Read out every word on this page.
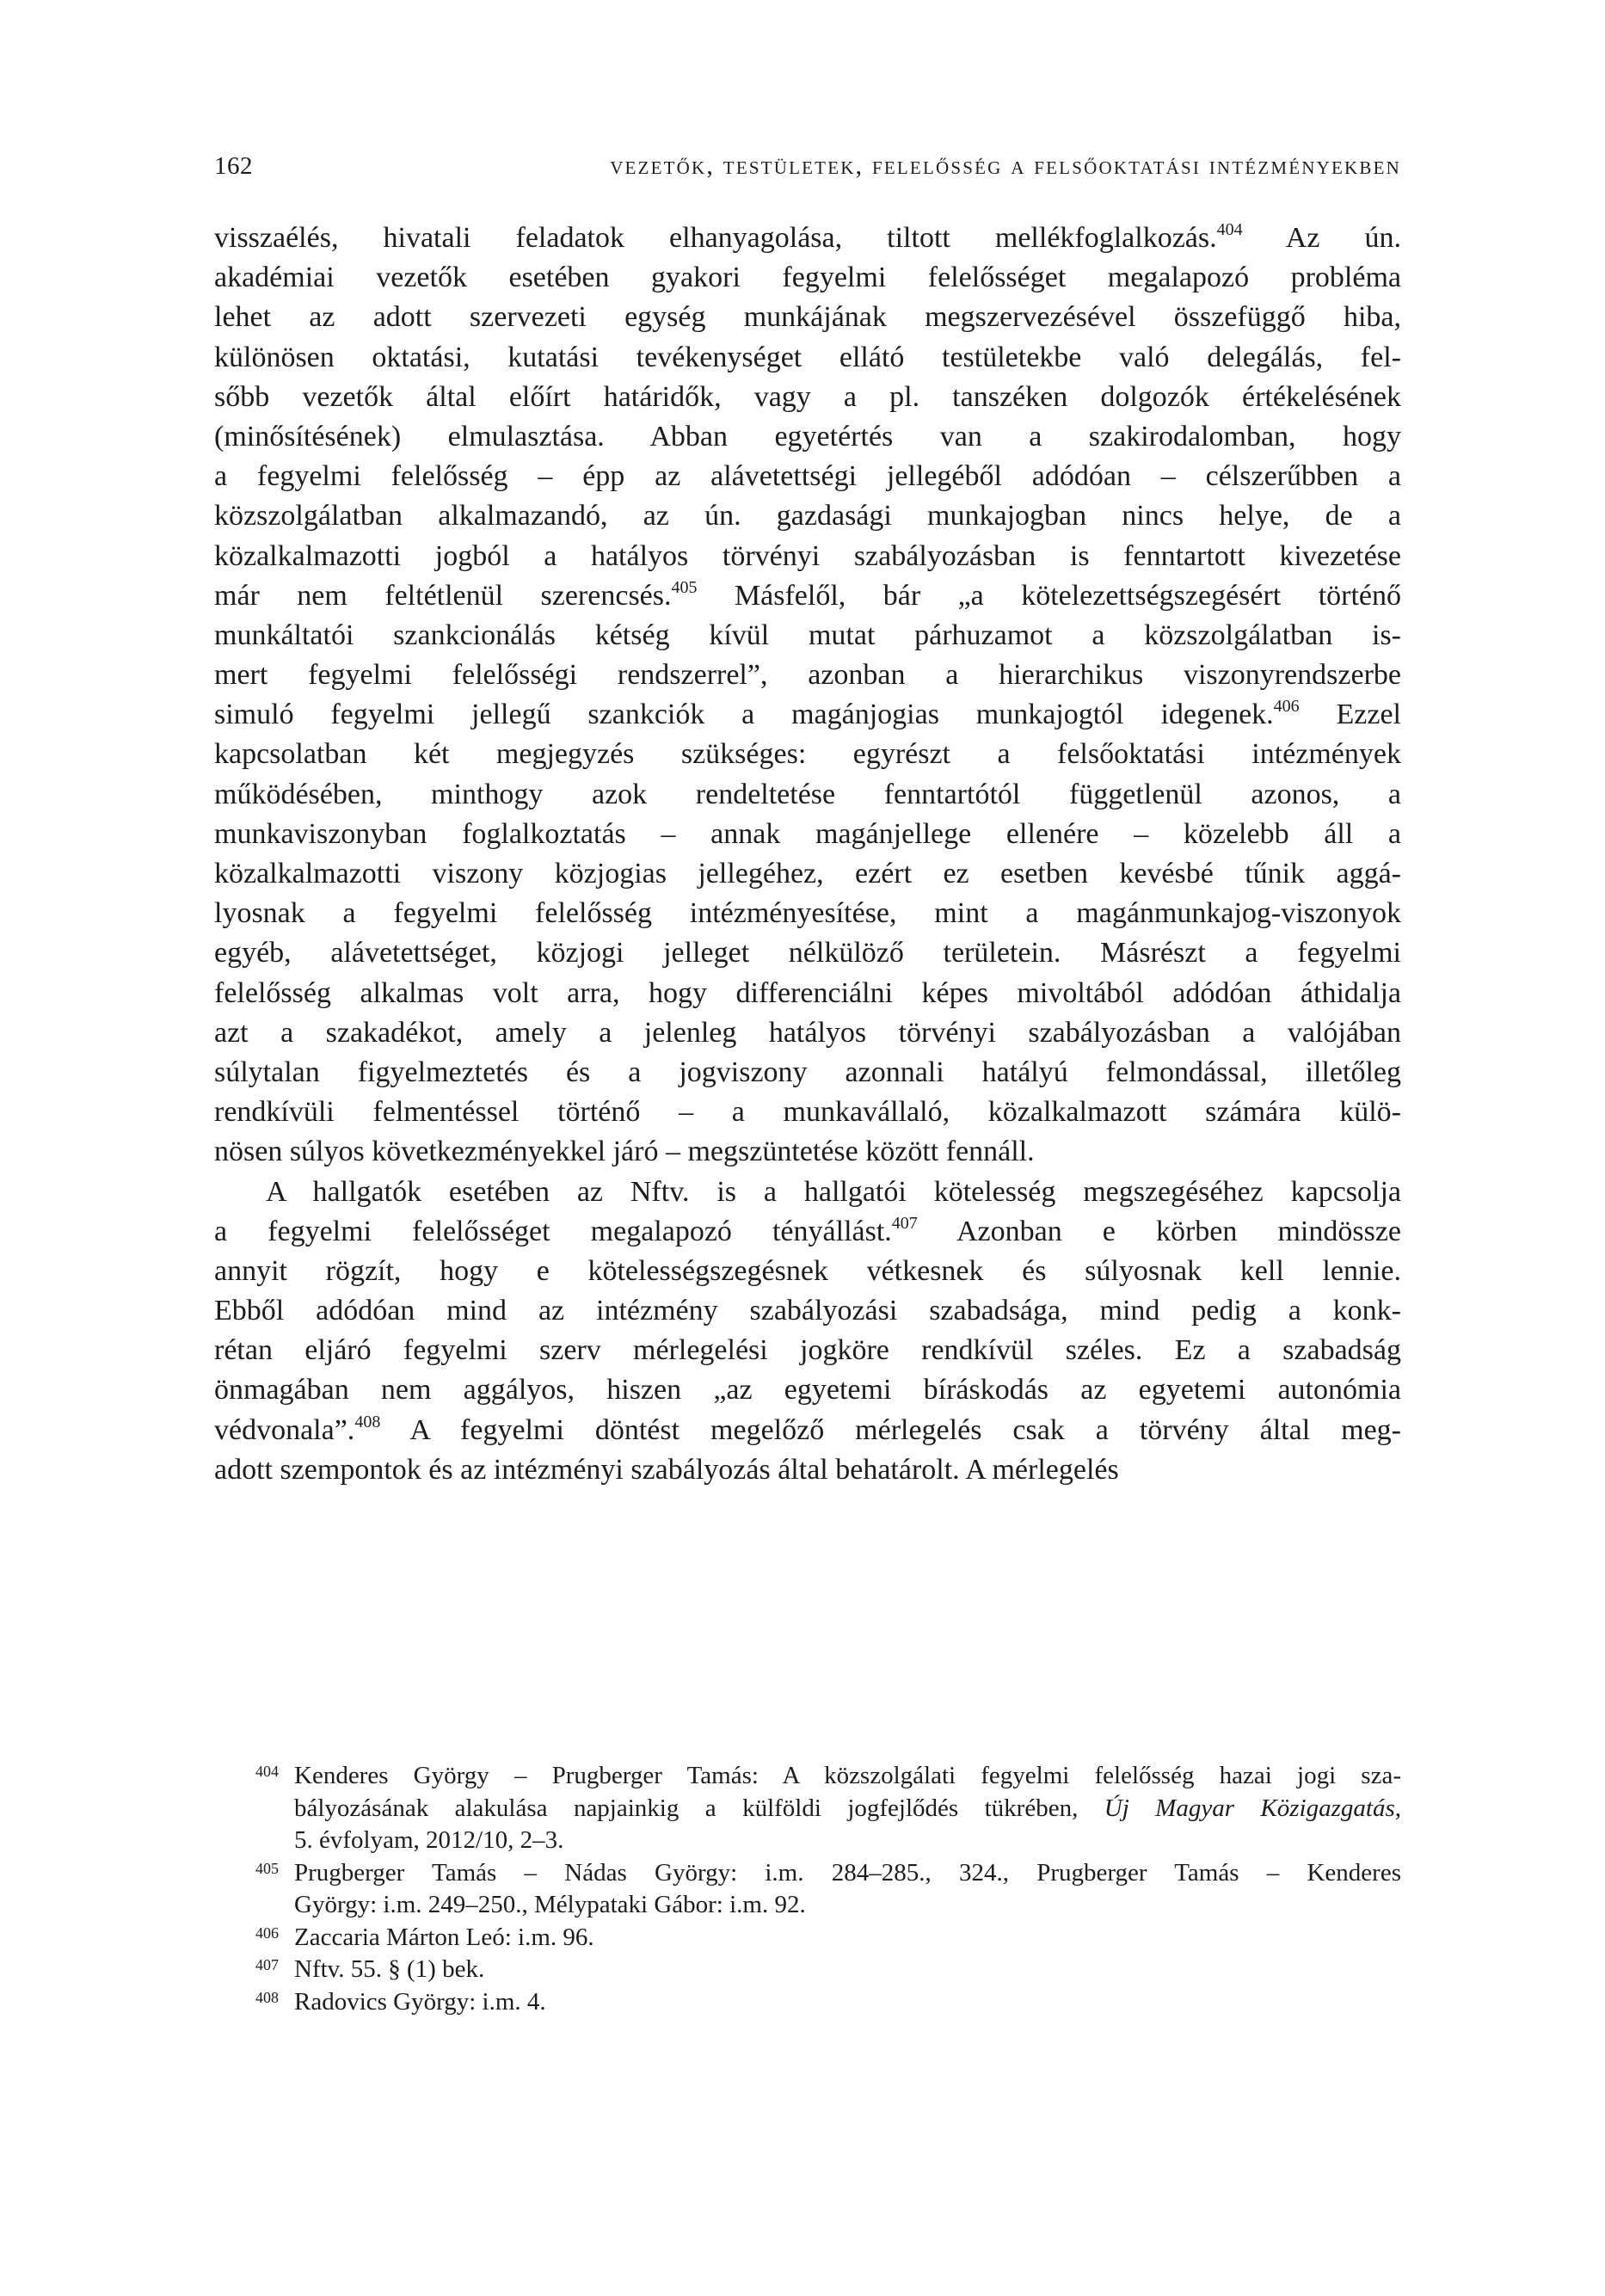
162	vezetők, testületek, felelősség a felsőoktatási intézményekben
visszaélés, hivatali feladatok elhanyagolása, tiltott mellékfoglalkozás.$^{404}$ Az ún.
akadémiai vezetők esetében gyakori fegyelmi felelősséget megalapozó probléma
lehet az adott szervezeti egység munkájának megszervezésével összefüggő hiba,
különösen oktatási, kutatási tevékenységet ellátó testületekbe való delegálás, fel-
sőbb vezetők által előírt határidők, vagy a pl. tanszéken dolgozók értékelésének
(minősítésének) elmulasztása. Abban egyetértés van a szakirodalomban, hogy
a fegyelmi felelősség – épp az alávetettségi jellegéből adódóan – célszerűbben a
közszolgálatban alkalmazandó, az ún. gazdasági munkajogban nincs helye, de a
közalkalmazotti jogból a hatályos törvényi szabályozásban is fenntartott kivezetése
már nem feltétlenül szerencsés.$^{405}$ Másfelől, bár „a kötelezettségszegésért történő
munkáltatói szankcionálás kétség kívül mutat párhuzamot a közszolgálatban is-
mert fegyelmi felelősségi rendszerrel”, azonban a hierarchikus viszonyrendszerbe
simuló fegyelmi jellegű szankciók a magánjogias munkajogtól idegenek.$^{406}$ Ezzel
kapcsolatban két megjegyzés szükséges: egyrészt a felsőoktatási intézmények
működésében, minthogy azok rendeltetése fenntartótól függetlenül azonos, a
munkaviszonyban foglalkoztatás – annak magánjellege ellenére – közelebb áll a
közalkalmazotti viszony közjogias jellegéhez, ezért ez esetben kevésbé tűnik aggá-
lyosnak a fegyelmi felelősség intézményesítése, mint a magánmunkajog-viszonyok
egyéb, alávetettséget, közjogi jelleget nélkülöző területein. Másrészt a fegyelmi
felelősség alkalmas volt arra, hogy differenciálni képes mivoltából adódóan áthidalja
azt a szakadékot, amely a jelenleg hatályos törvényi szabályozásban a valójában
súlytalan figyelmeztetés és a jogviszony azonnali hatályú felmondással, illetőleg
rendkívüli felmentéssel történő – a munkavállaló, közalkalmazott számára külö-
nösen súlyos következményekkel járó – megszüntetése között fennáll.
A hallgatók esetében az Nftv. is a hallgatói kötelesség megszegéséhez kapcsolja
a fegyelmi felelősséget megalapozó tényállást.$^{407}$ Azonban e körben mindössze
annyit rögzít, hogy e kötelességszegésnek vétkesnek és súlyosnak kell lennie.
Ebből adódóan mind az intézmény szabályozási szabadsága, mind pedig a konk-
rétan eljáró fegyelmi szerv mérlegelési jogköre rendkívül széles. Ez a szabadság
önmagában nem aggályos, hiszen „az egyetemi bíráskodás az egyetemi autonómia
védvonala”.$^{408}$ A fegyelmi döntést megelőző mérlegelés csak a törvény által meg-
adott szempontok és az intézményi szabályozás által behatárolt. A mérlegelés
404 Kenderes György – Prugberger Tamás: A közszolgálati fegyelmi felelősség hazai jogi sza-
bályozásának alakulása napjainkig a külföldi jogfejlődés tükrében, Új Magyar Közigazgatás,
5. évfolyam, 2012/10, 2–3.
405 Prugberger Tamás – Nádas György: i.m. 284–285., 324., Prugberger Tamás – Kenderes
György: i.m. 249–250., Mélypataki Gábor: i.m. 92.
406 Zaccaria Márton Leó: i.m. 96.
407 Nftv. 55. § (1) bek.
408 Radovics György: i.m. 4.
